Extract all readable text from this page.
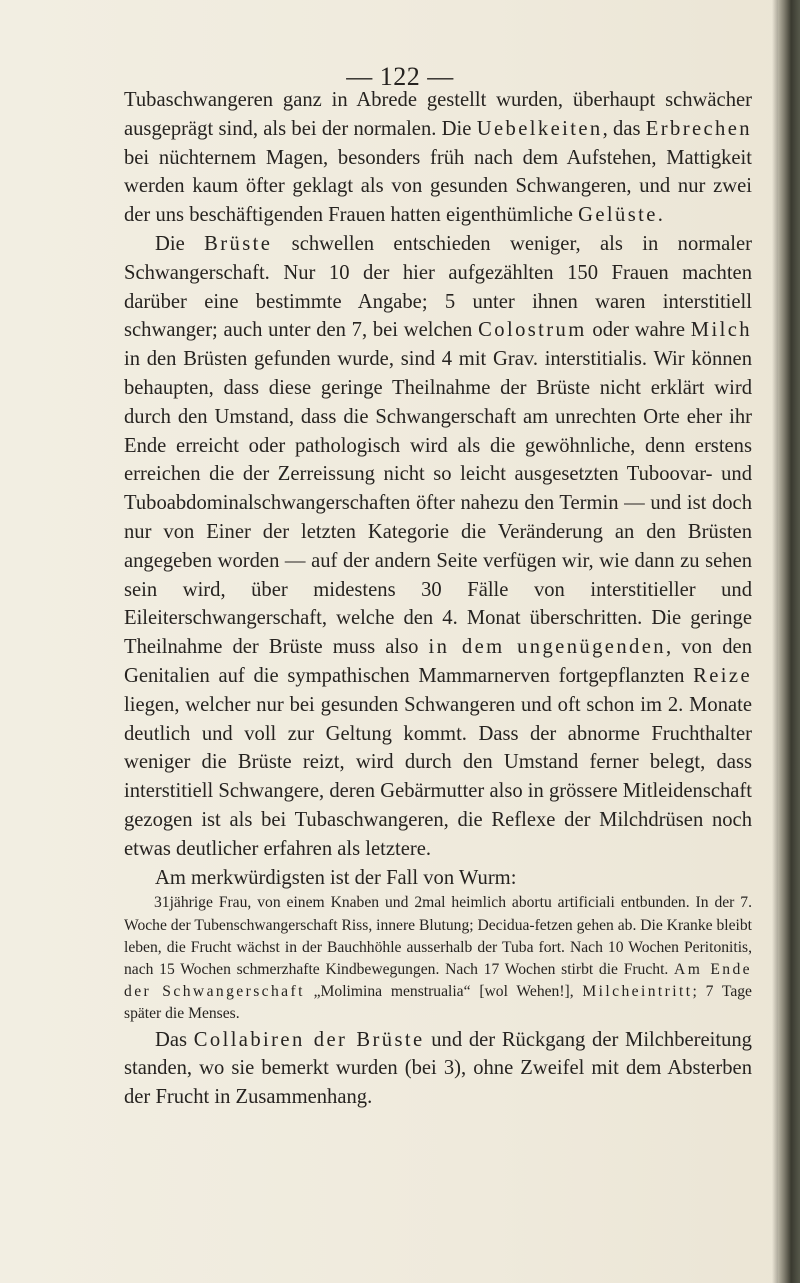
— 122 —

Tubaschwangeren ganz in Abrede gestellt wurden, überhaupt schwächer ausgeprägt sind, als bei der normalen. Die Uebelkeiten, das Erbrechen bei nüchternem Magen, besonders früh nach dem Aufstehen, Mattigkeit werden kaum öfter geklagt als von gesunden Schwangeren, und nur zwei der uns beschäftigenden Frauen hatten eigenthümliche Gelüste.

Die Brüste schwellen entschieden weniger, als in normaler Schwangerschaft. Nur 10 der hier aufgezählten 150 Frauen machten darüber eine bestimmte Angabe; 5 unter ihnen waren interstitiell schwanger; auch unter den 7, bei welchen Colostrum oder wahre Milch in den Brüsten gefunden wurde, sind 4 mit Grav. interstitialis. Wir können behaupten, dass diese geringe Theilnahme der Brüste nicht erklärt wird durch den Umstand, dass die Schwangerschaft am unrechten Orte eher ihr Ende erreicht oder pathologisch wird als die gewöhnliche, denn erstens erreichen die der Zerreissung nicht so leicht ausgesetzten Tuboovar- und Tuboabdominalschwangerschaften öfter nahezu den Termin — und ist doch nur von Einer der letzten Kategorie die Veränderung an den Brüsten angegeben worden — auf der andern Seite verfügen wir, wie dann zu sehen sein wird, über midestens 30 Fälle von interstitieller und Eileiterschwangerschaft, welche den 4. Monat überschritten. Die geringe Theilnahme der Brüste muss also in dem ungenügenden, von den Genitalien auf die sympathischen Mammarnerven fortgepflanzten Reize liegen, welcher nur bei gesunden Schwangeren und oft schon im 2. Monate deutlich und voll zur Geltung kommt. Dass der abnorme Fruchthalter weniger die Brüste reizt, wird durch den Umstand ferner belegt, dass interstitiell Schwangere, deren Gebärmutter also in grössere Mitleidenschaft gezogen ist als bei Tubaschwangeren, die Reflexe der Milchdrüsen noch etwas deutlicher erfahren als letztere.

Am merkwürdigsten ist der Fall von Wurm:

31jährige Frau, von einem Knaben und 2mal heimlich abortu artificiali entbunden. In der 7. Woche der Tubenschwangerschaft Riss, innere Blutung; Decidua-fetzen gehen ab. Die Kranke bleibt leben, die Frucht wächst in der Bauchhöhle ausserhalb der Tuba fort. Nach 10 Wochen Peritonitis, nach 15 Wochen schmerzhafte Kindbewegungen. Nach 17 Wochen stirbt die Frucht. Am Ende der Schwangerschaft „Molimina menstrualia“ [wol Wehen!], Milcheintritt; 7 Tage später die Menses.

Das Collabiren der Brüste und der Rückgang der Milchbereitung standen, wo sie bemerkt wurden (bei 3), ohne Zweifel mit dem Absterben der Frucht in Zusammenhang.
